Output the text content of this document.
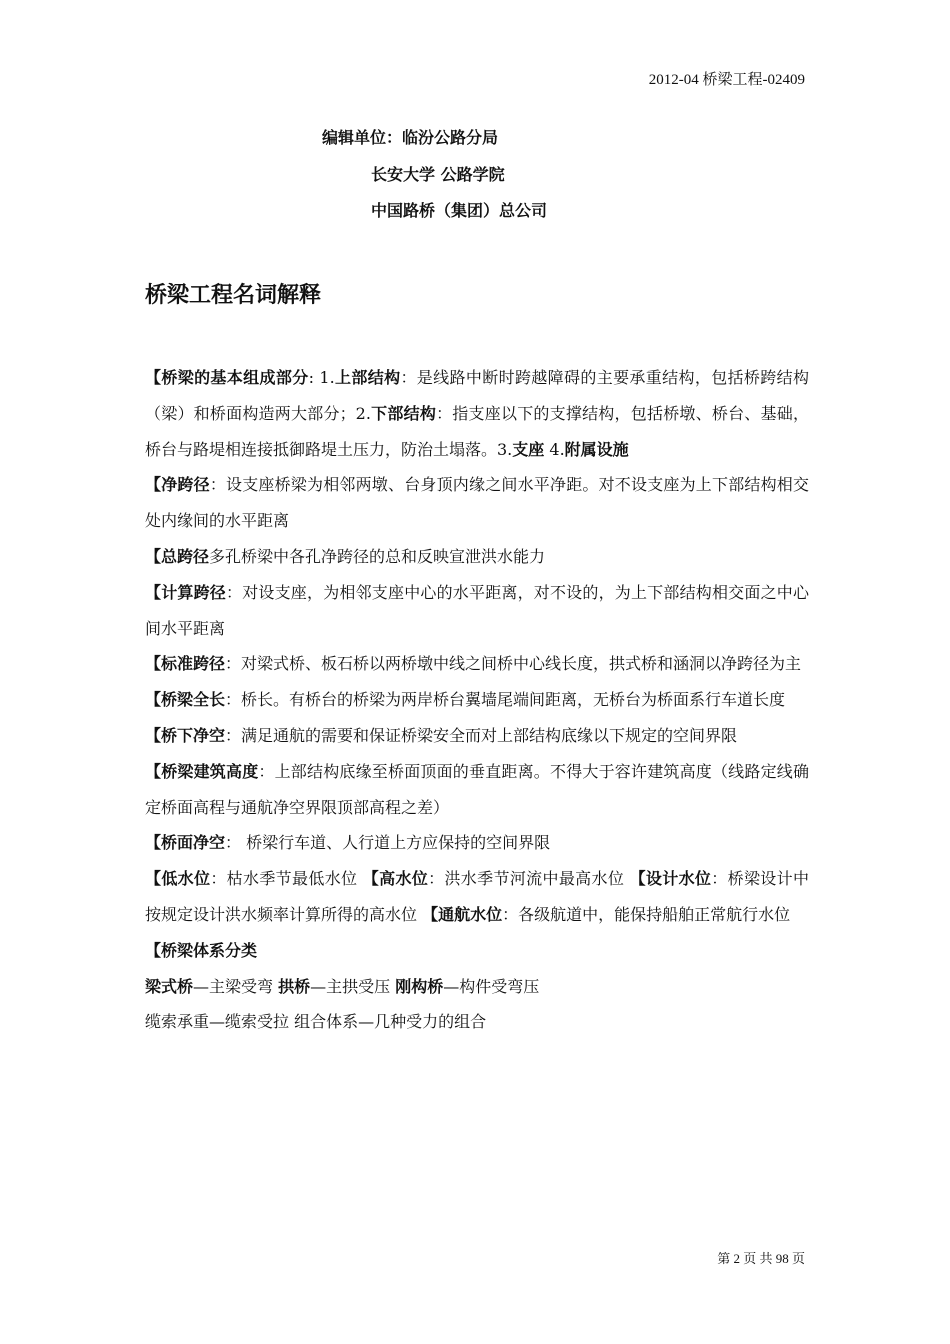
2012-04 桥梁工程-02409
编辑单位：临汾公路分局
长安大学 公路学院
中国路桥（集团）总公司
桥梁工程名词解释

【桥梁的基本组成部分: 1.上部结构：是线路中断时跨越障碍的主要承重结构，包括桥跨结构（梁）和桥面构造两大部分；2.下部结构：指支座以下的支撑结构，包括桥墩、桥台、基础，桥台与路堤相连接抵御路堤土压力，防治土塌落。3.支座 4.附属设施

【净跨径：设支座桥梁为相邻两墩、台身顶内缘之间水平净距。对不设支座为上下部结构相交处内缘间的水平距离

【总跨径多孔桥梁中各孔净跨径的总和反映宣泄洪水能力

【计算跨径：对设支座，为相邻支座中心的水平距离，对不设的，为上下部结构相交面之中心间水平距离

【标准跨径：对梁式桥、板石桥以两桥墩中线之间桥中心线长度，拱式桥和涵洞以净跨径为主

【桥梁全长：桥长。有桥台的桥梁为两岸桥台翼墙尾端间距离，无桥台为桥面系行车道长度

【桥下净空：满足通航的需要和保证桥梁安全而对上部结构底缘以下规定的空间界限

【桥梁建筑高度：上部结构底缘至桥面顶面的垂直距离。不得大于容许建筑高度（线路定线确定桥面高程与通航净空界限顶部高程之差）

【桥面净空： 桥梁行车道、人行道上方应保持的空间界限

【低水位：枯水季节最低水位 【高水位：洪水季节河流中最高水位 【设计水位：桥梁设计中按规定设计洪水频率计算所得的高水位 【通航水位：各级航道中，能保持船舶正常航行水位

【桥梁体系分类

梁式桥—主梁受弯 拱桥—主拱受压 刚构桥—构件受弯压

缆索承重—缆索受拉 组合体系—几种受力的组合

第 2 页 共 98 页
